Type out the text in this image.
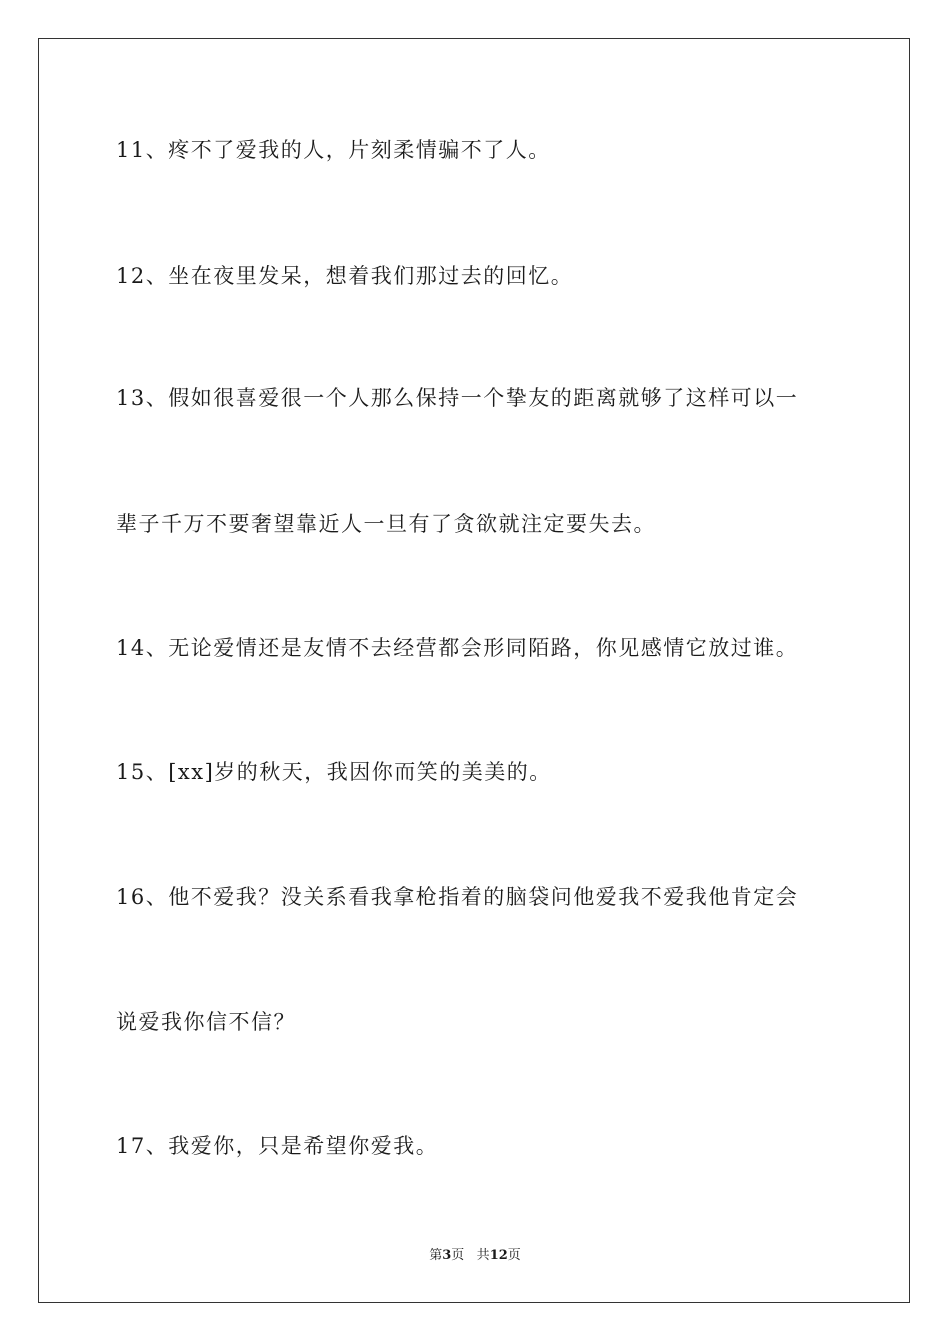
11、疼不了爱我的人，片刻柔情骗不了人。
12、坐在夜里发呆，想着我们那过去的回忆。
13、假如很喜爱很一个人那么保持一个挚友的距离就够了这样可以一
辈子千万不要奢望靠近人一旦有了贪欲就注定要失去。
14、无论爱情还是友情不去经营都会形同陌路，你见感情它放过谁。
15、[xx]岁的秋天，我因你而笑的美美的。
16、他不爱我？没关系看我拿枪指着的脑袋问他爱我不爱我他肯定会
说爱我你信不信？
17、我爱你，只是希望你爱我。
第3页 共12页
